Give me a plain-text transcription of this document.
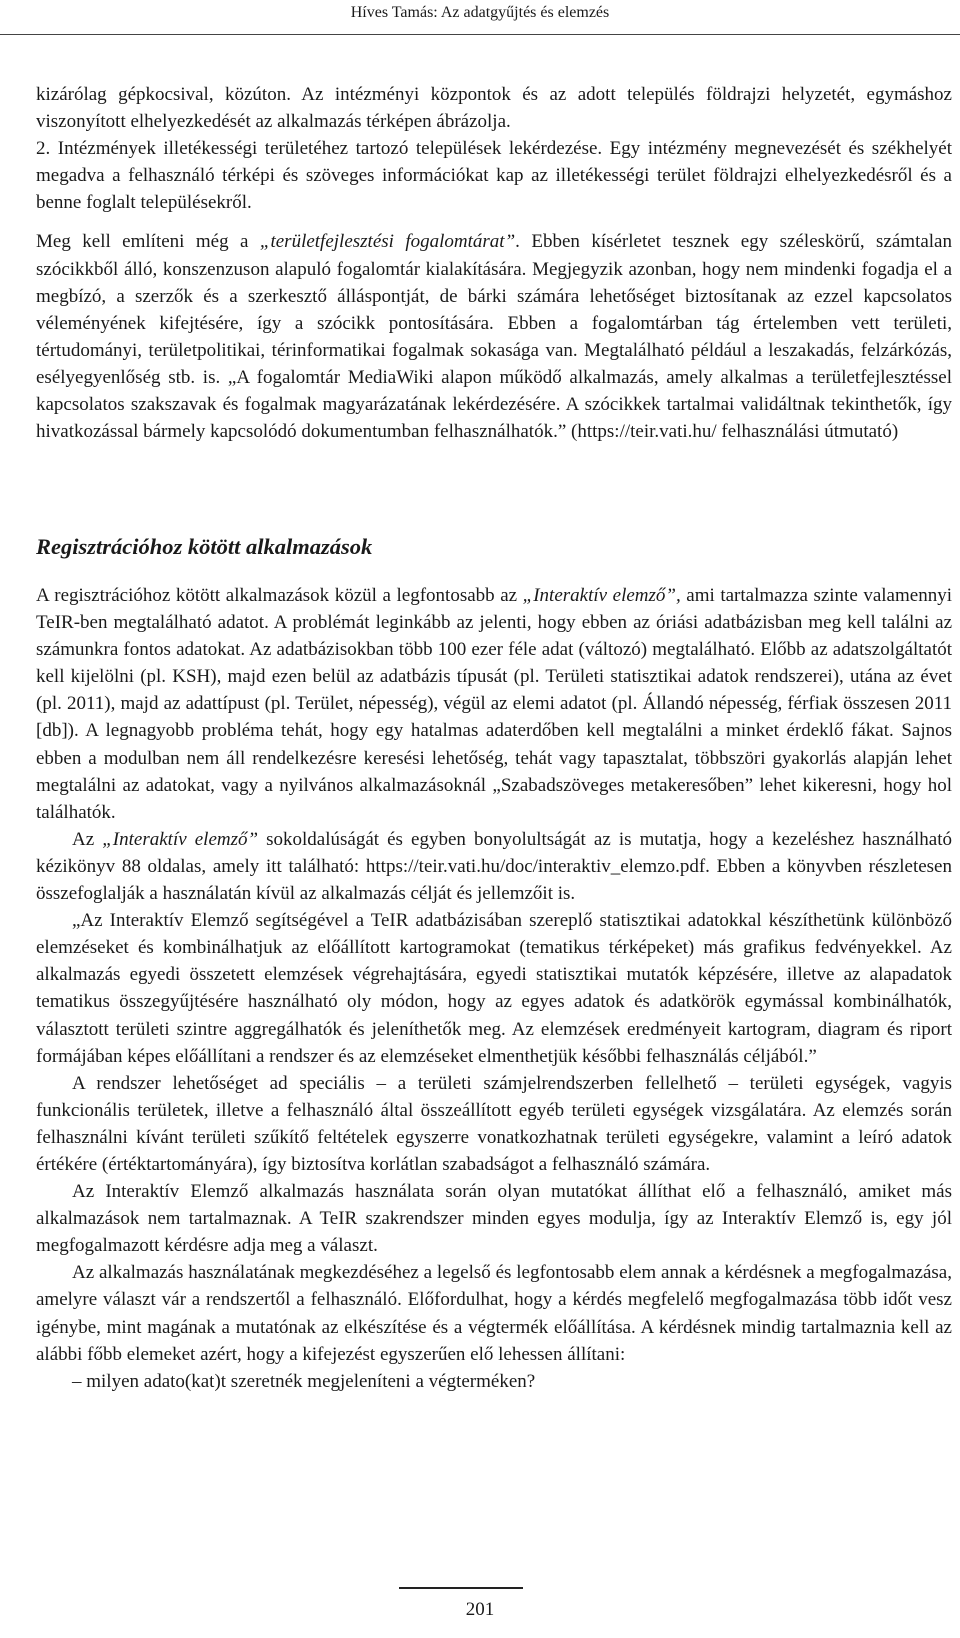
Híves Tamás: Az adatgyűjtés és elemzés

kizárólag gépkocsival, közúton. Az intézményi központok és az adott település földrajzi helyzetét, egymáshoz viszonyított elhelyezkedését az alkalmazás térképen ábrázolja.

2. Intézmények illetékességi területéhez tartozó települések lekérdezése. Egy intézmény megnevezését és székhelyét megadva a felhasználó térképi és szöveges információkat kap az illetékességi terület földrajzi elhelyezkedésről és a benne foglalt településekről.

Meg kell említeni még a „területfejlesztési fogalomtárat”. Ebben kísérletet tesznek egy széleskörű, számtalan szócikkből álló, konszenzuson alapuló fogalomtár kialakítására. Megjegyzik azonban, hogy nem mindenki fogadja el a megbízó, a szerzők és a szerkesztő álláspontját, de bárki számára lehetőséget biztosítanak az ezzel kapcsolatos véleményének kifejtésére, így a szócikk pontosítására. Ebben a fogalomtárban tág értelemben vett területi, tértudományi, területpolitikai, térinformatikai fogalmak sokasága van. Megtalálható például a leszakadás, felzárkózás, esélyegyenlőség stb. is. „A fogalomtár MediaWiki alapon működő alkalmazás, amely alkalmas a területfejlesztéssel kapcsolatos szakszavak és fogalmak magyarázatának lekérdezésére. A szócikkek tartalmai validáltnak tekinthetők, így hivatkozással bármely kapcsolódó dokumentumban felhasználhatók.” (https://teir.vati.hu/ felhasználási útmutató)

Regisztrációhoz kötött alkalmazások

A regisztrációhoz kötött alkalmazások közül a legfontosabb az „Interaktív elemző”, ami tartalmazza szinte valamennyi TeIR-ben megtalálható adatot. A problémát leginkább az jelenti, hogy ebben az óriási adatbázisban meg kell találni az számunkra fontos adatokat. Az adatbázisokban több 100 ezer féle adat (változó) megtalálható. Előbb az adatszolgáltatót kell kijelölni (pl. KSH), majd ezen belül az adatbázis típusát (pl. Területi statisztikai adatok rendszerei), utána az évet (pl. 2011), majd az adattípust (pl. Terület, népesség), végül az elemi adatot (pl. Állandó népesség, férfiak összesen 2011 [db]). A legnagyobb probléma tehát, hogy egy hatalmas adaterdőben kell megtalálni a minket érdeklő fákat. Sajnos ebben a modulban nem áll rendelkezésre keresési lehetőség, tehát vagy tapasztalat, többszöri gyakorlás alapján lehet megtalálni az adatokat, vagy a nyilvános alkalmazásoknál „Szabadszöveges metakeresőben” lehet kikeresni, hogy hol találhatók.

Az „Interaktív elemző” sokoldalúságát és egyben bonyolultságát az is mutatja, hogy a kezeléshez használható kézikönyv 88 oldalas, amely itt található: https://teir.vati.hu/doc/interaktiv_elemzo.pdf. Ebben a könyvben részletesen összefoglalják a használatán kívül az alkalmazás célját és jellemzőit is.

„Az Interaktív Elemző segítségével a TeIR adatbázisában szereplő statisztikai adatokkal készíthetünk különböző elemzéseket és kombinálhatjuk az előállított kartogramokat (tematikus térképeket) más grafikus fedvényekkel. Az alkalmazás egyedi összetett elemzések végrehajtására, egyedi statisztikai mutatók képzésére, illetve az alapadatok tematikus összegyűjtésére használható oly módon, hogy az egyes adatok és adatkörök egymással kombinálhatók, választott területi szintre aggregálhatók és jeleníthetők meg. Az elemzések eredményeit kartogram, diagram és riport formájában képes előállítani a rendszer és az elemzéseket elmenthetjük későbbi felhasználás céljából.”

A rendszer lehetőséget ad speciális – a területi számjelrendszerben fellelhető – területi egységek, vagyis funkcionális területek, illetve a felhasználó által összeállított egyéb területi egységek vizsgálatára. Az elemzés során felhasználni kívánt területi szűkítő feltételek egyszerre vonatkozhatnak területi egységekre, valamint a leíró adatok értékére (értéktartományára), így biztosítva korlátlan szabadságot a felhasználó számára.

Az Interaktív Elemző alkalmazás használata során olyan mutatókat állíthat elő a felhasználó, amiket más alkalmazások nem tartalmaznak. A TeIR szakrendszer minden egyes modulja, így az Interaktív Elemző is, egy jól megfogalmazott kérdésre adja meg a választ.

Az alkalmazás használatának megkezdéséhez a legelső és legfontosabb elem annak a kérdésnek a megfogalmazása, amelyre választ vár a rendszertől a felhasználó. Előfordulhat, hogy a kérdés megfelelő megfogalmazása több időt vesz igénybe, mint magának a mutatónak az elkészítése és a végtermék előállítása. A kérdésnek mindig tartalmaznia kell az alábbi főbb elemeket azért, hogy a kifejezést egyszerűen elő lehessen állítani:

– milyen adato(kat)t szeretnék megjeleníteni a végterméken?

201
